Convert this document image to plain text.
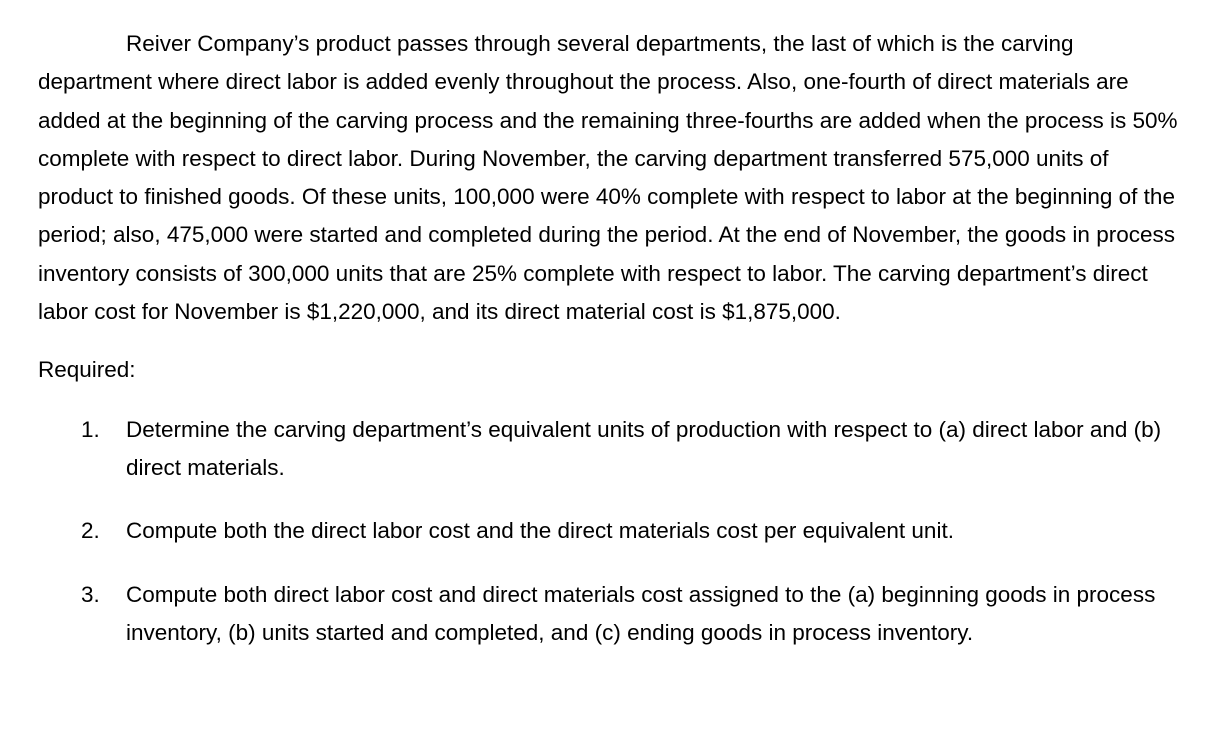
Reiver Company’s product passes through several departments, the last of which is the carving department where direct labor is added evenly throughout the process. Also, one-fourth of direct materials are added at the beginning of the carving process and the remaining three-fourths are added when the process is 50% complete with respect to direct labor. During November, the carving department transferred 575,000 units of product to finished goods. Of these units, 100,000 were 40% complete with respect to labor at the beginning of the period; also, 475,000 were started and completed during the period. At the end of November, the goods in process inventory consists of 300,000 units that are 25% complete with respect to labor. The carving department’s direct labor cost for November is $1,220,000, and its direct material cost is $1,875,000.

Required:

1. Determine the carving department’s equivalent units of production with respect to (a) direct labor and (b) direct materials.
2. Compute both the direct labor cost and the direct materials cost per equivalent unit.
3. Compute both direct labor cost and direct materials cost assigned to the (a) beginning goods in process inventory, (b) units started and completed, and (c) ending goods in process inventory.
